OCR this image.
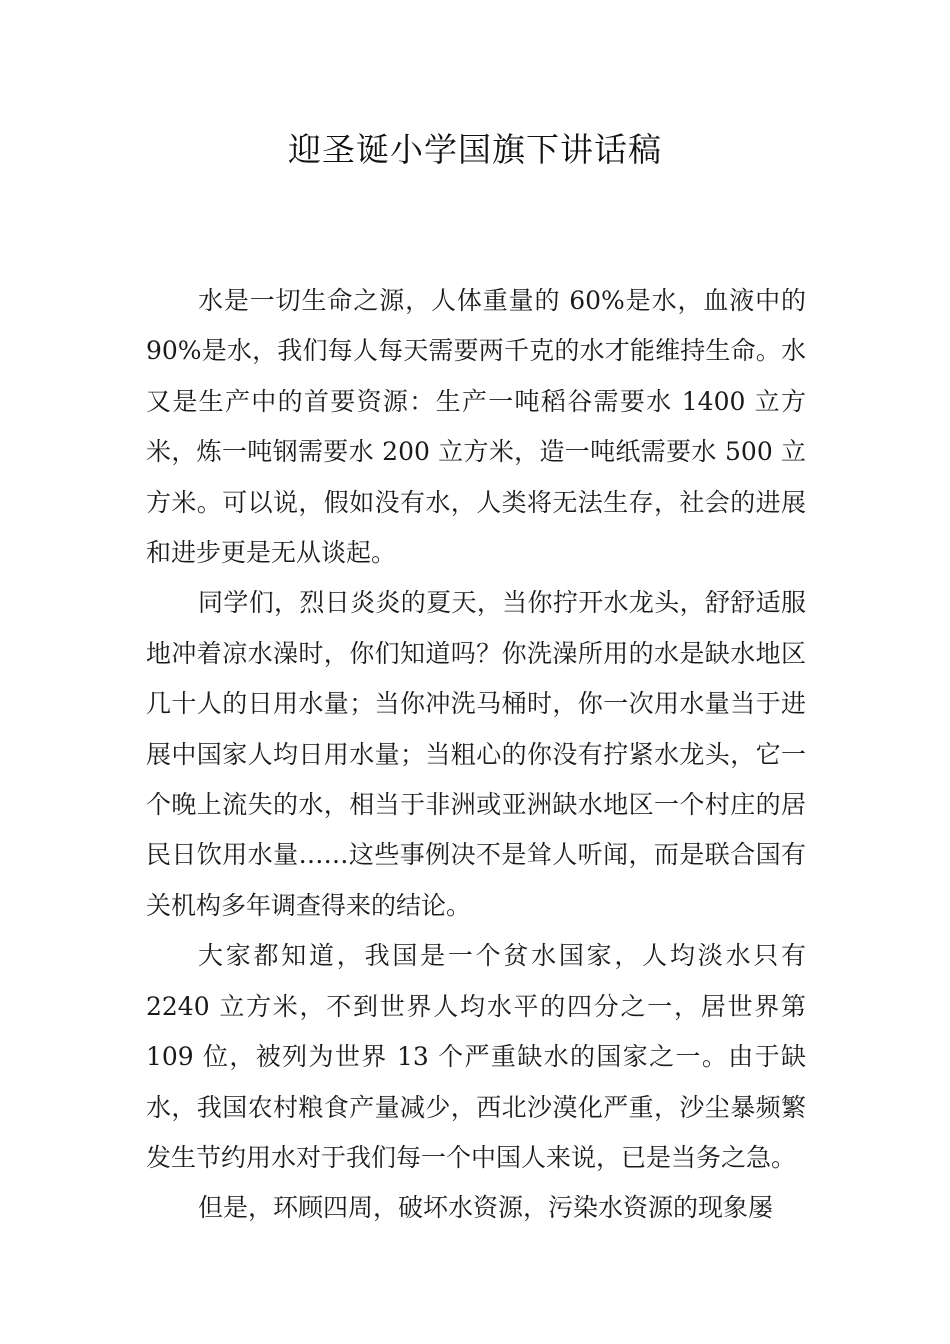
迎圣诞小学国旗下讲话稿

水是一切生命之源，人体重量的 60%是水，血液中的 90%是水，我们每人每天需要两千克的水才能维持生命。水又是生产中的首要资源：生产一吨稻谷需要水 1400 立方米，炼一吨钢需要水 200 立方米，造一吨纸需要水 500 立方米。可以说，假如没有水，人类将无法生存，社会的进展和进步更是无从谈起。

同学们，烈日炎炎的夏天，当你拧开水龙头，舒舒适服地冲着凉水澡时，你们知道吗？你洗澡所用的水是缺水地区几十人的日用水量；当你冲洗马桶时，你一次用水量当于进展中国家人均日用水量；当粗心的你没有拧紧水龙头，它一个晚上流失的水，相当于非洲或亚洲缺水地区一个村庄的居民日饮用水量……这些事例决不是耸人听闻，而是联合国有关机构多年调查得来的结论。

大家都知道，我国是一个贫水国家，人均淡水只有 2240 立方米，不到世界人均水平的四分之一，居世界第 109 位，被列为世界 13 个严重缺水的国家之一。由于缺水，我国农村粮食产量减少，西北沙漠化严重，沙尘暴频繁发生节约用水对于我们每一个中国人来说，已是当务之急。

但是，环顾四周，破坏水资源，污染水资源的现象屡
